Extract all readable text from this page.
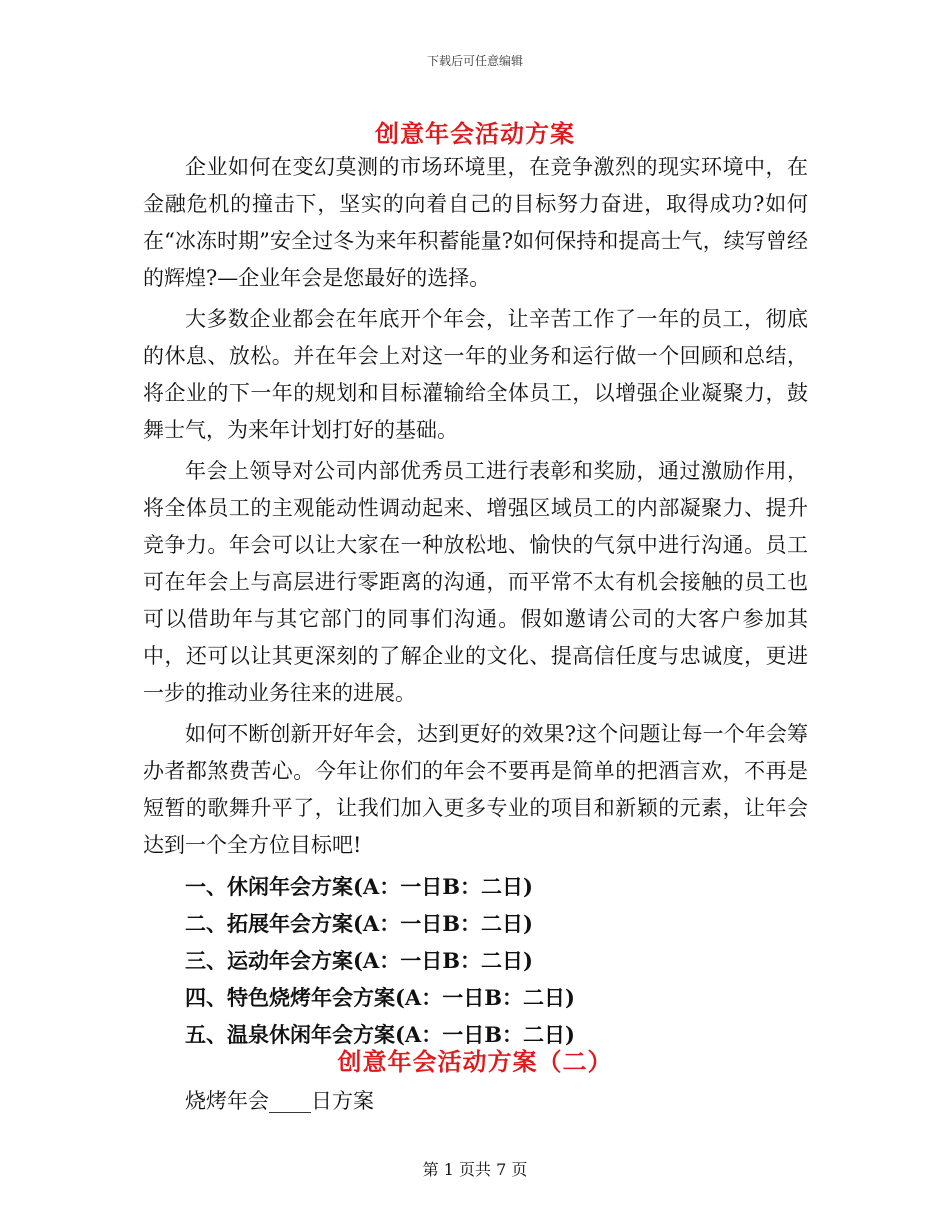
下载后可任意编辑
创意年会活动方案

企业如何在变幻莫测的市场环境里，在竞争激烈的现实环境中，在金融危机的撞击下，坚实的向着自己的目标努力奋进，取得成功?如何在“冰冻时期”安全过冬为来年积蓄能量?如何保持和提高士气，续写曾经的辉煌?—企业年会是您最好的选择。

大多数企业都会在年底开个年会，让辛苦工作了一年的员工，彻底的休息、放松。并在年会上对这一年的业务和运行做一个回顾和总结，将企业的下一年的规划和目标灌输给全体员工，以增强企业凝聚力，鼓舞士气，为来年计划打好的基础。

年会上领导对公司内部优秀员工进行表彰和奖励，通过激励作用，将全体员工的主观能动性调动起来、增强区域员工的内部凝聚力、提升竞争力。年会可以让大家在一种放松地、愉快的气氛中进行沟通。员工可在年会上与高层进行零距离的沟通，而平常不太有机会接触的员工也可以借助年与其它部门的同事们沟通。假如邀请公司的大客户参加其中，还可以让其更深刻的了解企业的文化、提高信任度与忠诚度，更进一步的推动业务往来的进展。

如何不断创新开好年会，达到更好的效果?这个问题让每一个年会筹办者都煞费苦心。今年让你们的年会不要再是简单的把酒言欢，不再是短暂的歌舞升平了，让我们加入更多专业的项目和新颖的元素，让年会达到一个全方位目标吧!

一、休闲年会方案(A：一日B：二日)
二、拓展年会方案(A：一日B：二日)
三、运动年会方案(A：一日B：二日)
四、特色烧烤年会方案(A：一日B：二日)
五、温泉休闲年会方案(A：一日B：二日)
创意年会活动方案（二）
烧烤年会____日方案
第 1 页共 7 页
